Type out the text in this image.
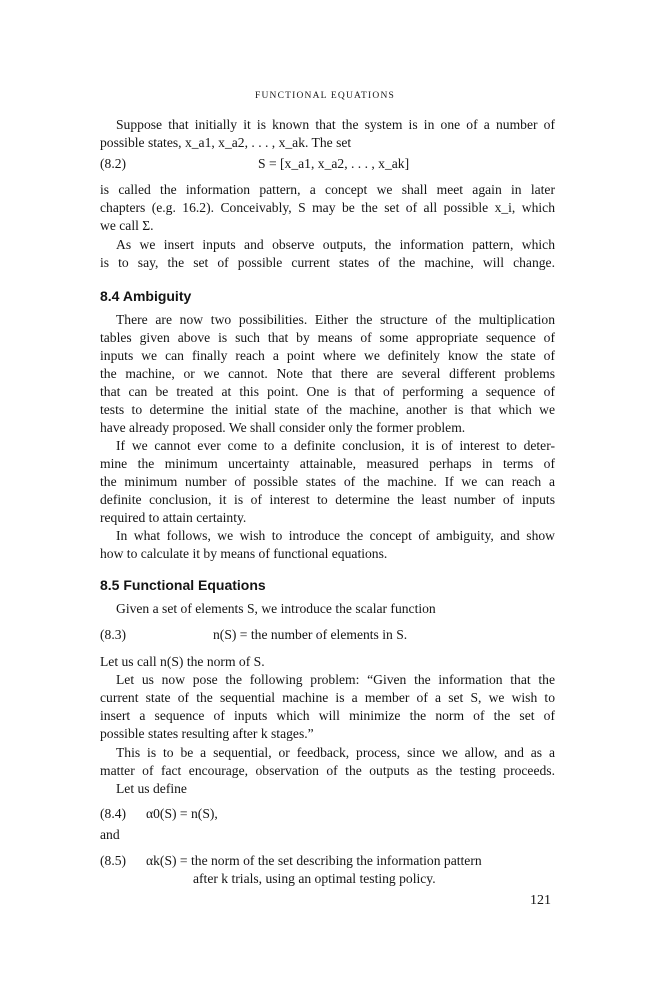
FUNCTIONAL EQUATIONS
Suppose that initially it is known that the system is in one of a number of
possible states, x_a1, x_a2, . . . , x_ak. The set
(8.2)	S = [x_a1, x_a2, . . . , x_ak]
is called the information pattern, a concept we shall meet again in later
chapters (e.g. 16.2). Conceivably, S may be the set of all possible x_i, which
we call Σ.
As we insert inputs and observe outputs, the information pattern, which
is to say, the set of possible current states of the machine, will change.
8.4 Ambiguity
There are now two possibilities. Either the structure of the multiplication
tables given above is such that by means of some appropriate sequence of
inputs we can finally reach a point where we definitely know the state of
the machine, or we cannot. Note that there are several different problems
that can be treated at this point. One is that of performing a sequence of
tests to determine the initial state of the machine, another is that which we
have already proposed. We shall consider only the former problem.
If we cannot ever come to a definite conclusion, it is of interest to deter-
mine the minimum uncertainty attainable, measured perhaps in terms of
the minimum number of possible states of the machine. If we can reach a
definite conclusion, it is of interest to determine the least number of inputs
required to attain certainty.
In what follows, we wish to introduce the concept of ambiguity, and show
how to calculate it by means of functional equations.
8.5 Functional Equations
Given a set of elements S, we introduce the scalar function
(8.3)	n(S) = the number of elements in S.
Let us call n(S) the norm of S.
Let us now pose the following problem: “Given the information that the
current state of the sequential machine is a member of a set S, we wish to
insert a sequence of inputs which will minimize the norm of the set of
possible states resulting after k stages.”
This is to be a sequential, or feedback, process, since we allow, and as a
matter of fact encourage, observation of the outputs as the testing proceeds.
Let us define
(8.4) α0(S) = n(S),
and
(8.5) αk(S) = the norm of the set describing the information pattern
after k trials, using an optimal testing policy.
121
